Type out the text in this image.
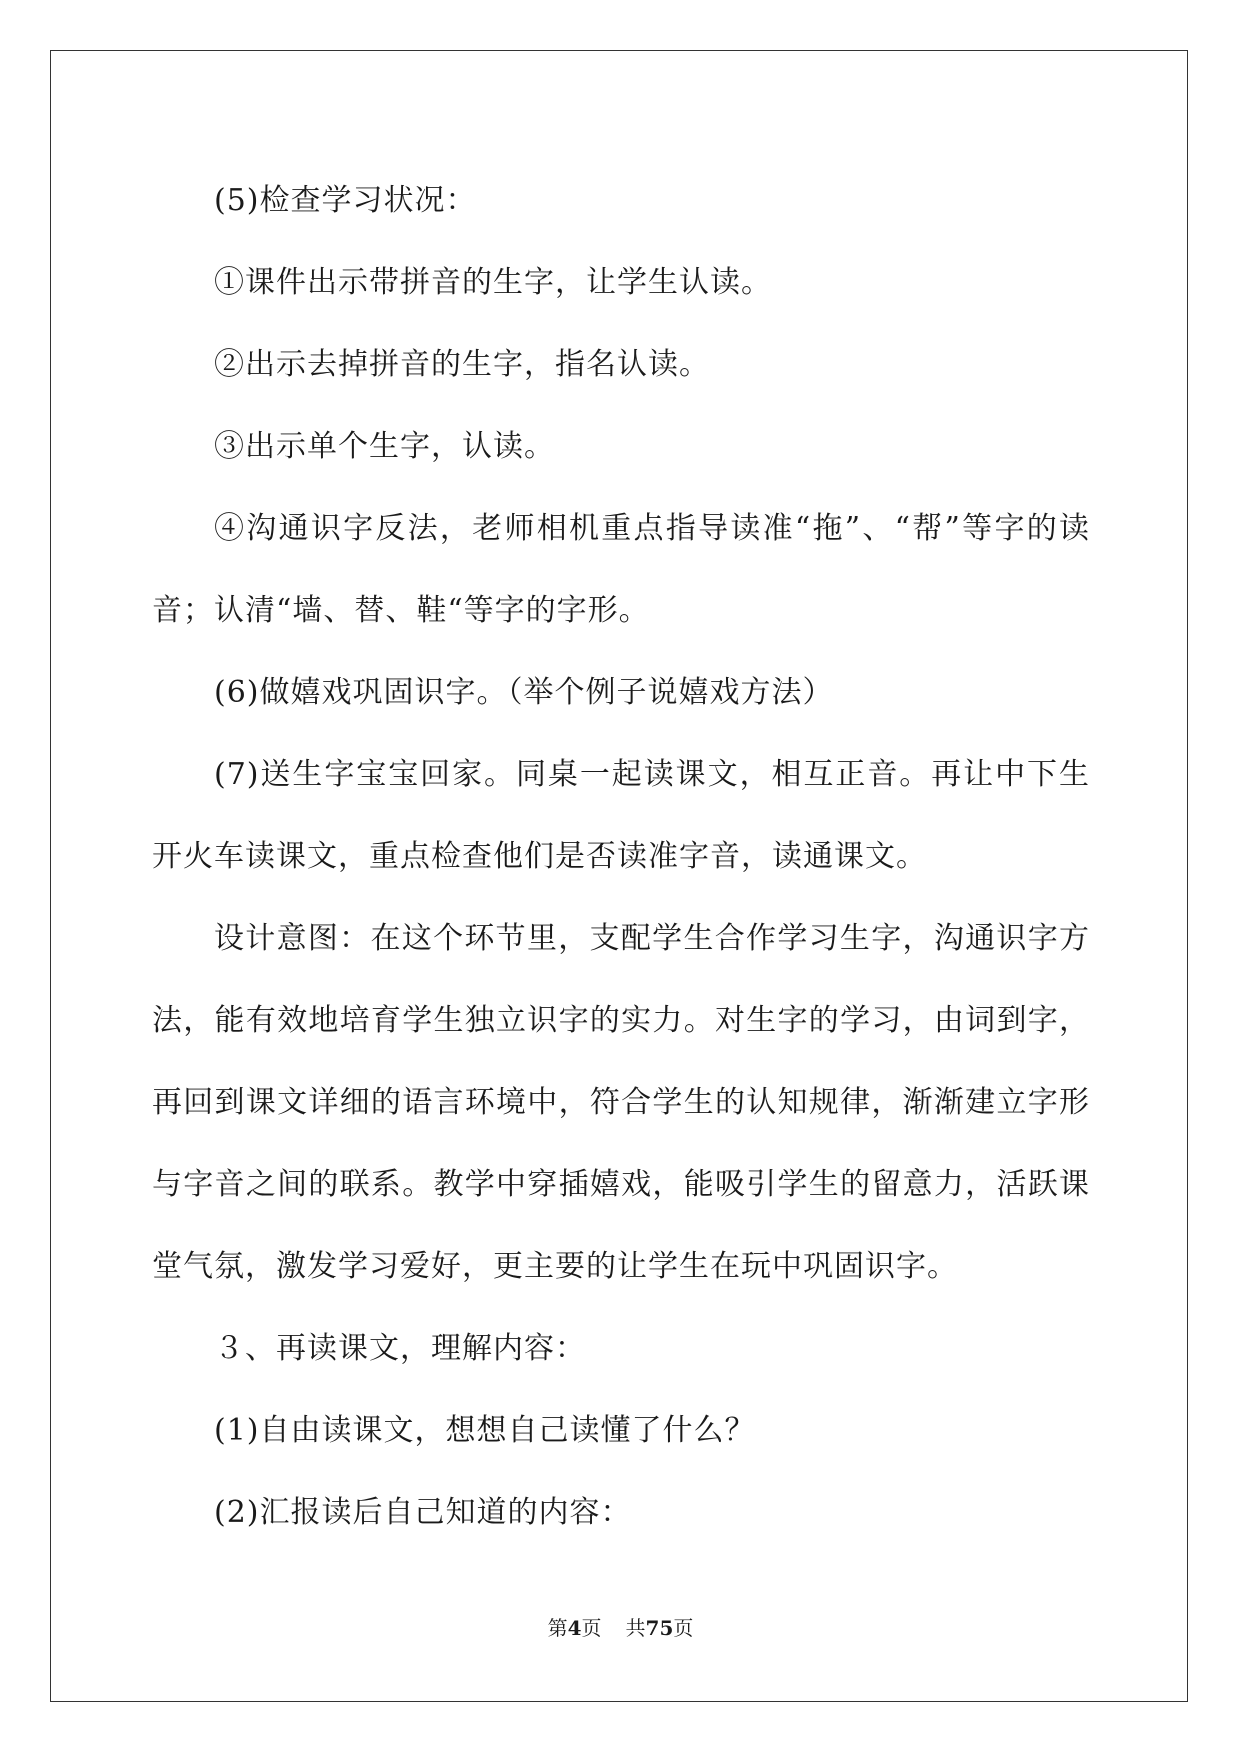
(5)检查学习状况：

①课件出示带拼音的生字，让学生认读。

②出示去掉拼音的生字，指名认读。

③出示单个生字，认读。

④沟通识字反法，老师相机重点指导读准“拖”、“帮”等字的读音；认清“墙、替、鞋“等字的字形。

(6)做嬉戏巩固识字。（举个例子说嬉戏方法）

(7)送生字宝宝回家。同桌一起读课文，相互正音。再让中下生开火车读课文，重点检查他们是否读准字音，读通课文。

设计意图：在这个环节里，支配学生合作学习生字，沟通识字方法，能有效地培育学生独立识字的实力。对生字的学习，由词到字，再回到课文详细的语言环境中，符合学生的认知规律，渐渐建立字形与字音之间的联系。教学中穿插嬉戏，能吸引学生的留意力，活跃课堂气氛，激发学习爱好，更主要的让学生在玩中巩固识字。

３、再读课文，理解内容：

(1)自由读课文，想想自己读懂了什么？

(2)汇报读后自己知道的内容：

第4页 共75页
